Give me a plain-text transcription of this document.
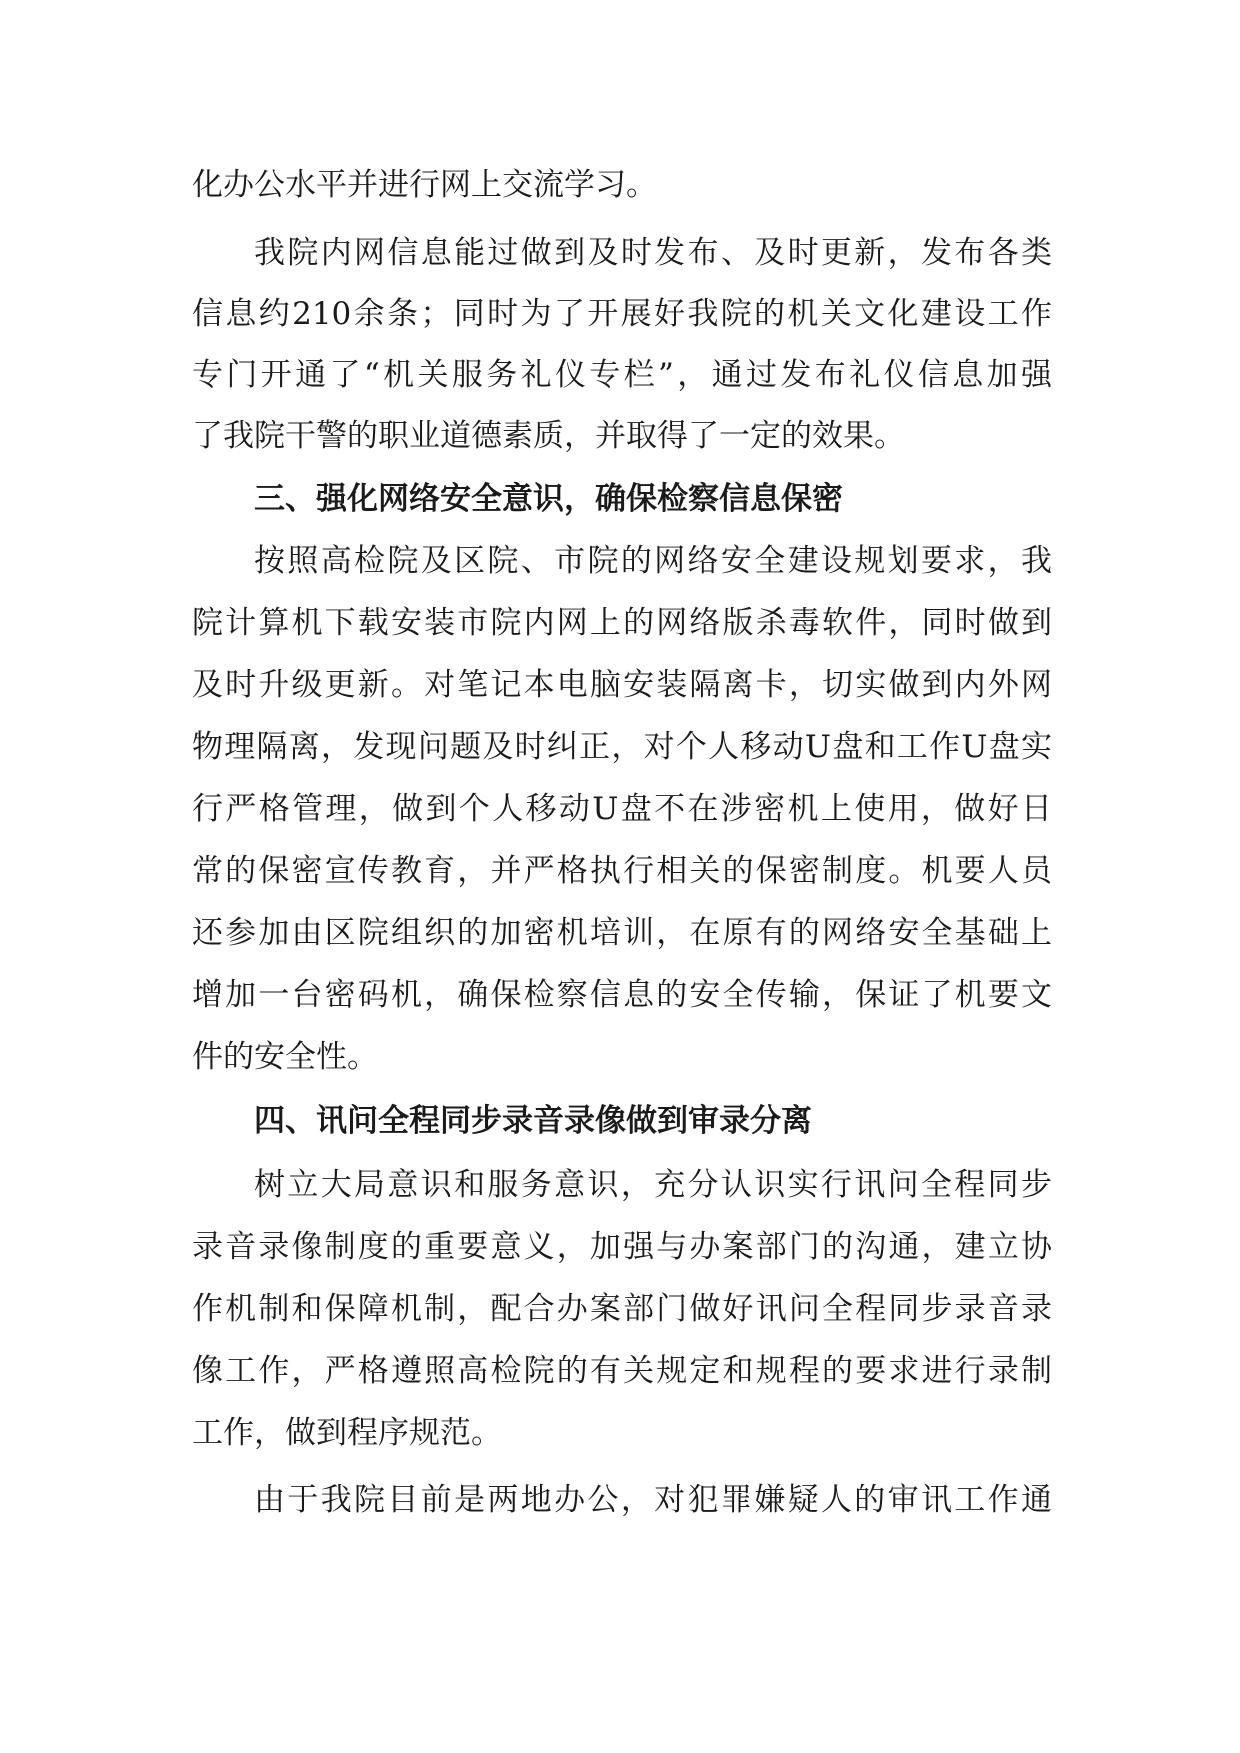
化办公水平并进行网上交流学习。
我院内网信息能过做到及时发布、及时更新，发布各类
信息约210余条；同时为了开展好我院的机关文化建设工作
专门开通了“机关服务礼仪专栏”，通过发布礼仪信息加强
了我院干警的职业道德素质，并取得了一定的效果。
三、强化网络安全意识，确保检察信息保密
按照高检院及区院、市院的网络安全建设规划要求，我
院计算机下载安装市院内网上的网络版杀毒软件，同时做到
及时升级更新。对笔记本电脑安装隔离卡，切实做到内外网
物理隔离，发现问题及时纠正，对个人移动U盘和工作U盘实
行严格管理，做到个人移动U盘不在涉密机上使用，做好日
常的保密宣传教育，并严格执行相关的保密制度。机要人员
还参加由区院组织的加密机培训，在原有的网络安全基础上
增加一台密码机，确保检察信息的安全传输，保证了机要文
件的安全性。
四、讯问全程同步录音录像做到审录分离
树立大局意识和服务意识，充分认识实行讯问全程同步
录音录像制度的重要意义，加强与办案部门的沟通，建立协
作机制和保障机制，配合办案部门做好讯问全程同步录音录
像工作，严格遵照高检院的有关规定和规程的要求进行录制
工作，做到程序规范。
由于我院目前是两地办公，对犯罪嫌疑人的审讯工作通
